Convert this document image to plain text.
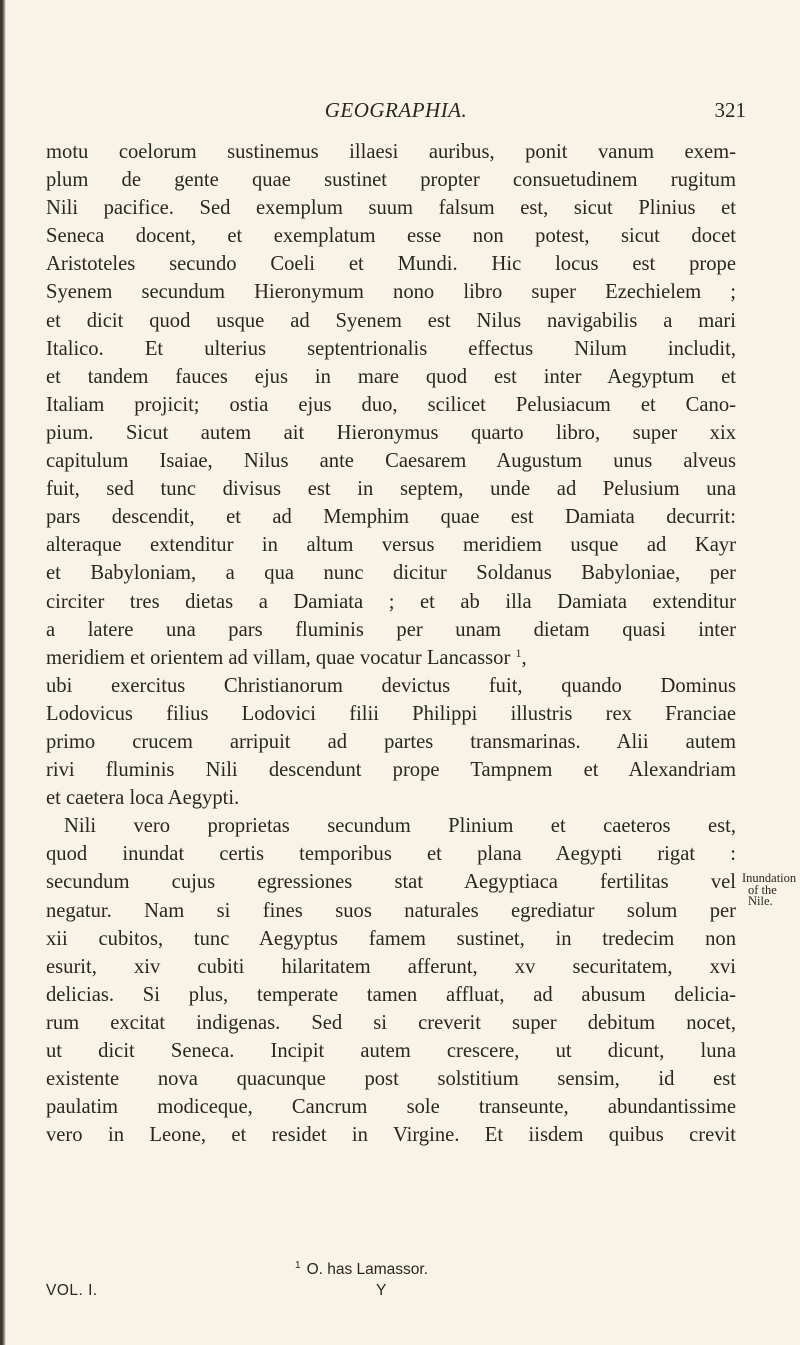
GEOGRAPHIA.	321
motu coelorum sustinemus illaesi auribus, ponit vanum exem-
plum de gente quae sustinet propter consuetudinem rugitum
Nili pacifice. Sed exemplum suum falsum est, sicut Plinius et
Seneca docent, et exemplatum esse non potest, sicut docet
Aristoteles secundo Coeli et Mundi. Hic locus est prope
Syenem secundum Hieronymum nono libro super Ezechielem ;
et dicit quod usque ad Syenem est Nilus navigabilis a mari
Italico. Et ulterius septentrionalis effectus Nilum includit,
et tandem fauces ejus in mare quod est inter Aegyptum et
Italiam projicit; ostia ejus duo, scilicet Pelusiacum et Cano-
pium. Sicut autem ait Hieronymus quarto libro, super xix
capitulum Isaiae, Nilus ante Caesarem Augustum unus alveus
fuit, sed tunc divisus est in septem, unde ad Pelusium una
pars descendit, et ad Memphim quae est Damiata decurrit:
alteraque extenditur in altum versus meridiem usque ad Kayr
et Babyloniam, a qua nunc dicitur Soldanus Babyloniae, per
circiter tres dietas a Damiata ; et ab illa Damiata extenditur
a latere una pars fluminis per unam dietam quasi inter
meridiem et orientem ad villam, quae vocatur Lancassor $^1$,
ubi exercitus Christianorum devictus fuit, quando Dominus
Lodovicus filius Lodovici filii Philippi illustris rex Franciae
primo crucem arripuit ad partes transmarinas. Alii autem
rivi fluminis Nili descendunt prope Tampnem et Alexandriam
et caetera loca Aegypti.
Nili vero proprietas secundum Plinium et caeteros est,
quod inundat certis temporibus et plana Aegypti rigat :
secundum cujus egressiones stat Aegyptiaca fertilitas vel
negatur. Nam si fines suos naturales egrediatur solum per
xii cubitos, tunc Aegyptus famem sustinet, in tredecim non
esurit, xiv cubiti hilaritatem afferunt, xv securitatem, xvi
delicias. Si plus, temperate tamen affluat, ad abusum delicia-
rum excitat indigenas. Sed si creverit super debitum nocet,
ut dicit Seneca. Incipit autem crescere, ut dicunt, luna
existente nova quacunque post solstitium sensim, id est
paulatim modiceque, Cancrum sole transeunte, abundantissime
vero in Leone, et residet in Virgine. Et iisdem quibus crevit
Inundation
of the
Nile.
$^1$ O. has Lamassor.
VOL. I.	Y
